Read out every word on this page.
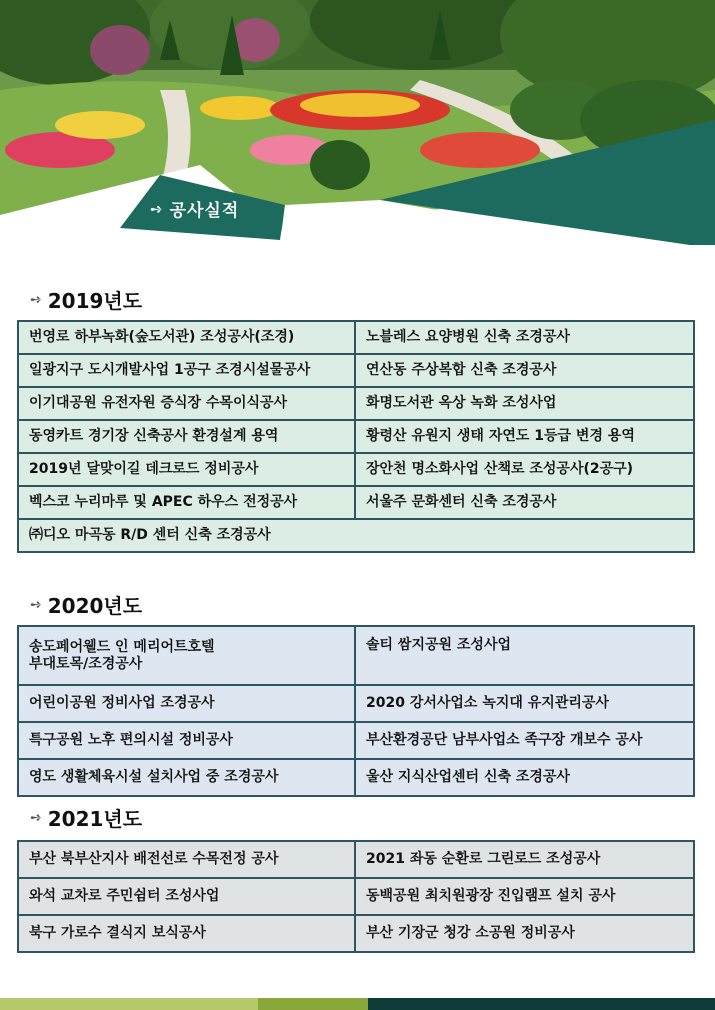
➺ 공사실적
➺ 2019년도
번영로 하부녹화(숲도서관) 조성공사(조경)	노블레스 요양병원 신축 조경공사
일광지구 도시개발사업 1공구 조경시설물공사	연산동 주상복합 신축 조경공사
이기대공원 유전자원 증식장 수목이식공사	화명도서관 옥상 녹화 조성사업
동영카트 경기장 신축공사 환경설계 용역	황령산 유원지 생태 자연도 1등급 변경 용역
2019년 달맞이길 데크로드 정비공사	장안천 명소화사업 산책로 조성공사(2공구)
벡스코 누리마루 및 APEC 하우스 전정공사	서울주 문화센터 신축 조경공사
㈜디오 마곡동 R/D 센터 신축 조경공사	
➺ 2020년도
송도페어웰드 인 메리어트호텔
부대토목/조경공사	솔티 쌈지공원 조성사업
어린이공원 정비사업 조경공사	2020 강서사업소 녹지대 유지관리공사
특구공원 노후 편의시설 정비공사	부산환경공단 남부사업소 족구장 개보수 공사
영도 생활체육시설 설치사업 중 조경공사	울산 지식산업센터 신축 조경공사
➺ 2021년도
부산 북부산지사 배전선로 수목전정 공사	2021 좌동 순환로 그린로드 조성공사
와석 교차로 주민쉼터 조성사업	동백공원 최치원광장 진입램프 설치 공사
북구 가로수 결식지 보식공사	부산 기장군 청강 소공원 정비공사
